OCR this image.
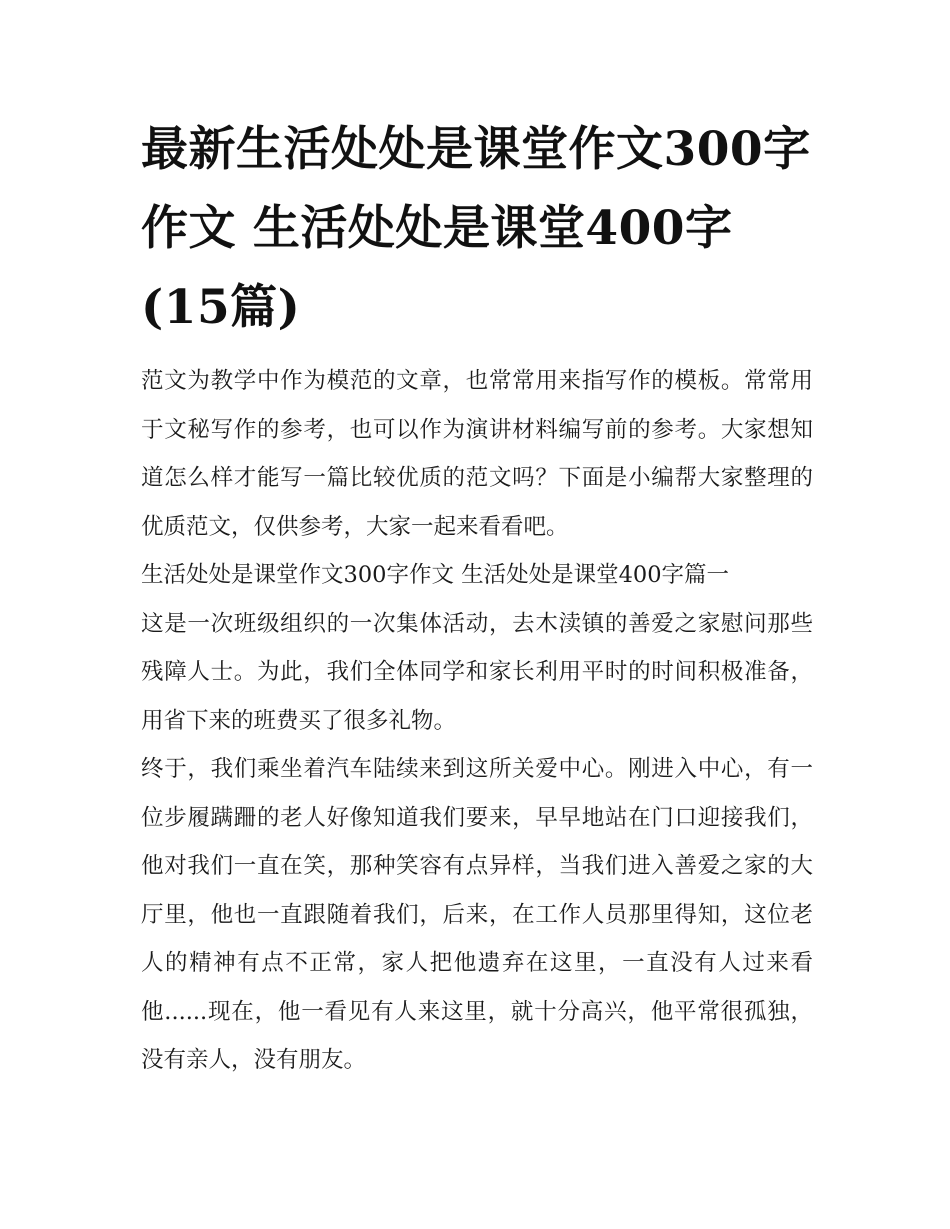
最新生活处处是课堂作文300字作文 生活处处是课堂400字(15篇)

范文为教学中作为模范的文章，也常常用来指写作的模板。常常用于文秘写作的参考，也可以作为演讲材料编写前的参考。大家想知道怎么样才能写一篇比较优质的范文吗？下面是小编帮大家整理的优质范文，仅供参考，大家一起来看看吧。

生活处处是课堂作文300字作文 生活处处是课堂400字篇一

这是一次班级组织的一次集体活动，去木渎镇的善爱之家慰问那些残障人士。为此，我们全体同学和家长利用平时的时间积极准备，用省下来的班费买了很多礼物。

终于，我们乘坐着汽车陆续来到这所关爱中心。刚进入中心，有一位步履蹒跚的老人好像知道我们要来，早早地站在门口迎接我们，他对我们一直在笑，那种笑容有点异样，当我们进入善爱之家的大厅里，他也一直跟随着我们，后来，在工作人员那里得知，这位老人的精神有点不正常，家人把他遗弃在这里，一直没有人过来看他......现在，他一看见有人来这里，就十分高兴，他平常很孤独，没有亲人，没有朋友。
